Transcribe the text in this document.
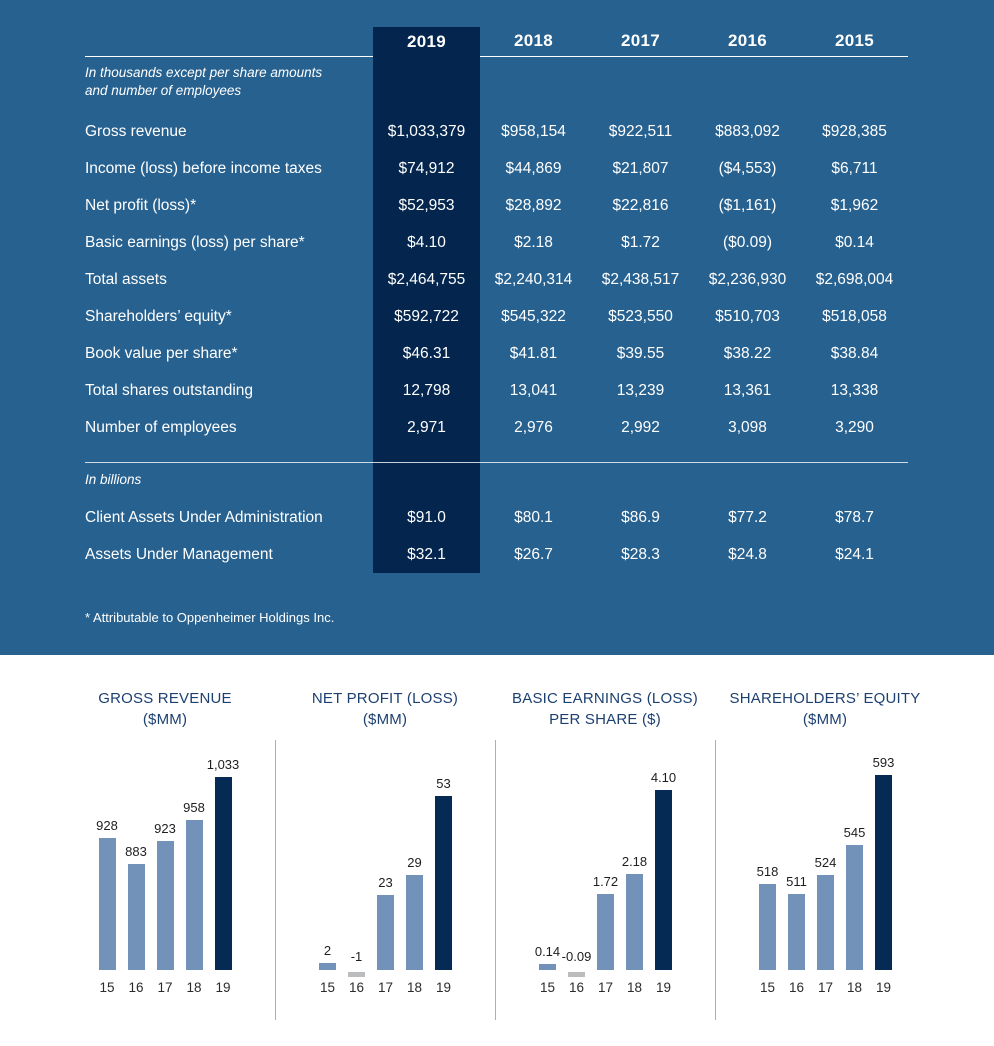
2019	2018	2017	2016	2015
In thousands except per share amounts and number of employees
Gross revenue	$1,033,379	$958,154	$922,511	$883,092	$928,385
Income (loss) before income taxes	$74,912	$44,869	$21,807	($4,553)	$6,711
Net profit (loss)*	$52,953	$28,892	$22,816	($1,161)	$1,962
Basic earnings (loss) per share*	$4.10	$2.18	$1.72	($0.09)	$0.14
Total assets	$2,464,755	$2,240,314	$2,438,517	$2,236,930	$2,698,004
Shareholders’ equity*	$592,722	$545,322	$523,550	$510,703	$518,058
Book value per share*	$46.31	$41.81	$39.55	$38.22	$38.84
Total shares outstanding	12,798	13,041	13,239	13,361	13,338
Number of employees	2,971	2,976	2,992	3,098	3,290
In billions
Client Assets Under Administration	$91.0	$80.1	$86.9	$77.2	$78.7
Assets Under Management	$32.1	$26.7	$28.3	$24.8	$24.1
* Attributable to Oppenheimer Holdings Inc.
GROSS REVENUE
($MM)
928
883
923
958
1,033
15 16 17 18 19
NET PROFIT (LOSS)
($MM)
2 -1
23
29
53
15 16 17 18 19
BASIC EARNINGS (LOSS)
PER SHARE ($)
0.14 -0.09
1.72
2.18
4.10
15 16 17 18 19
SHAREHOLDERS’ EQUITY
($MM)
518
511
524
545
593
15 16 17 18 19
